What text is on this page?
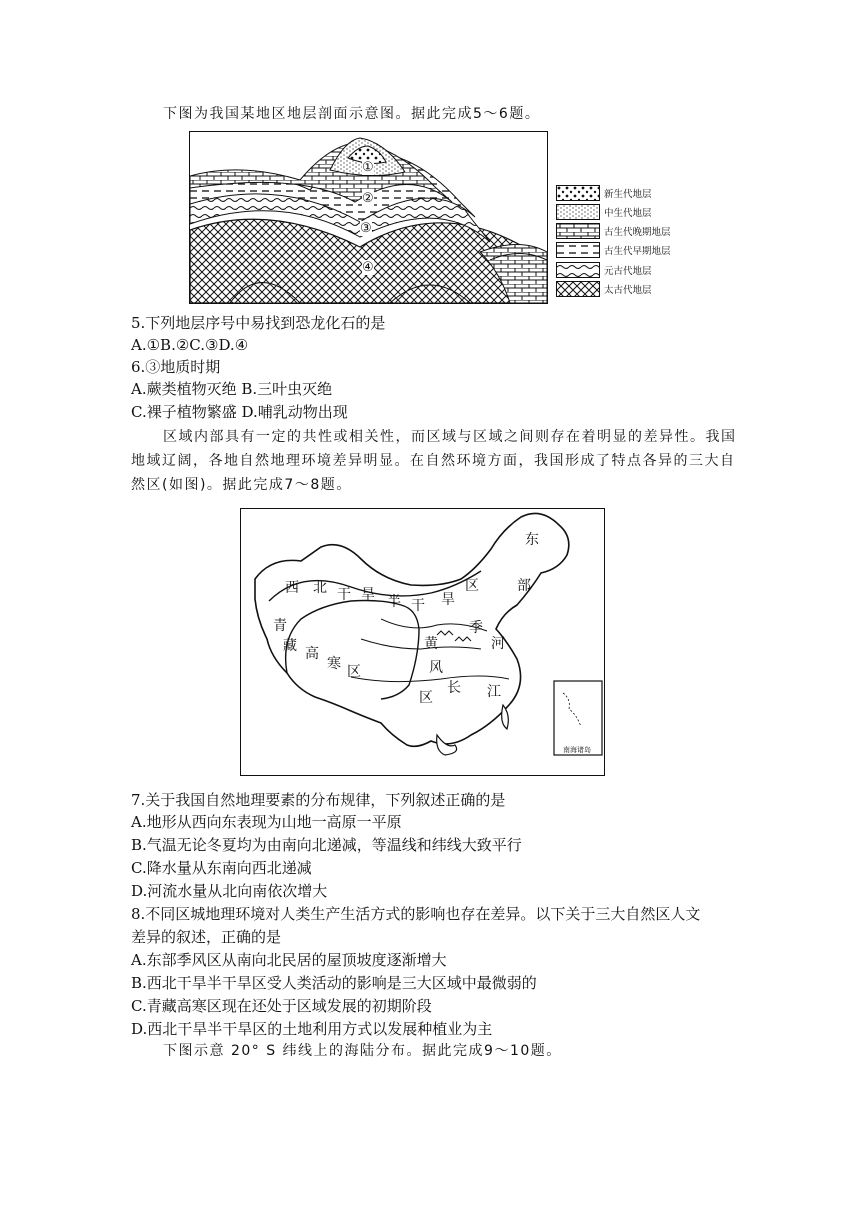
下图为我国某地区地层剖面示意图。据此完成5～6题。
①
②
③
④
新生代地层
中生代地层
古生代晚期地层
古生代早期地层
元古代地层
太古代地层
5.下列地层序号中易找到恐龙化石的是
A.①B.②C.③D.④
6.③地质时期
A.蕨类植物灭绝 B.三叶虫灭绝
C.裸子植物繁盛 D.哺乳动物出现
区域内部具有一定的共性或相关性，而区域与区域之间则存在着明显的差异性。我国地域辽阔，各地自然地理环境差异明显。在自然环境方面，我国形成了特点各异的三大自然区(如图)。据此完成7～8题。
西 北 干 旱 半 干 旱
区
青
藏 高
寒 区
东
部
季
河
黄
风
区
长 江
南海诸岛
7.关于我国自然地理要素的分布规律，下列叙述正确的是
A.地形从西向东表现为山地一高原一平原
B.气温无论冬夏均为由南向北递减，等温线和纬线大致平行
C.降水量从东南向西北递减
D.河流水量从北向南依次增大
8.不同区城地理环境对人类生产生活方式的影响也存在差异。以下关于三大自然区人文
差异的叙述，正确的是
A.东部季风区从南向北民居的屋顶坡度逐渐增大
B.西北干旱半干旱区受人类活动的影响是三大区域中最微弱的
C.青藏高寒区现在还处于区域发展的初期阶段
D.西北干旱半干旱区的土地利用方式以发展种植业为主
下图示意 20° S 纬线上的海陆分布。据此完成9～10题。
